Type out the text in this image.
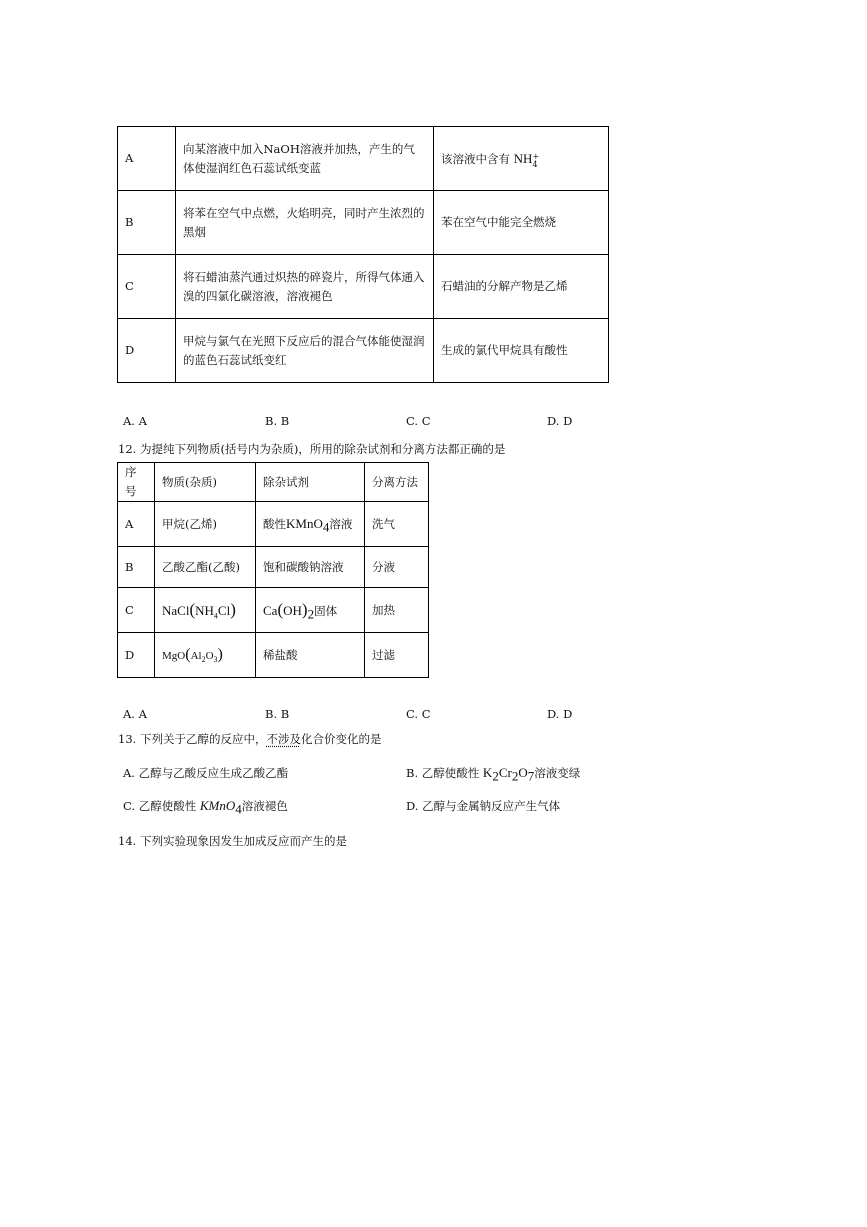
A	向某溶液中加入NaOH溶液并加热，产生的气体使湿润红色石蕊试纸变蓝	该溶液中含有 NH +
4

B	将苯在空气中点燃，火焰明亮，同时产生浓烈的黑烟	苯在空气中能完全燃烧
C	将石蜡油蒸汽通过炽热的碎瓷片，所得气体通入溴的四氯化碳溶液，溶液褪色	石蜡油的分解产物是乙烯
D	甲烷与氯气在光照下反应后的混合气体能使湿润的蓝色石蕊试纸变红	生成的氯代甲烷具有酸性
A. A	B. B	C. C	D. D
12. 为提纯下列物质(括号内为杂质)，所用的除杂试剂和分离方法都正确的是
序号	物质(杂质)	除杂试剂	分离方法
A	甲烷(乙烯)	酸性KMnO$_4$溶液	洗气
B	乙酸乙酯(乙酸)	饱和碳酸钠溶液	分液
C	$NaCl(NH_4Cl)$	$Ca(OH)_2$固体	加热
D	$MgO(Al_2O_3)$	稀盐酸	过滤
A. A	B. B	C. C	D. D
13. 下列关于乙醇的反应中，不涉及化合价变化的是
A. 乙醇与乙酸反应生成乙酸乙酯	B. 乙醇使酸性 $K_2Cr_2O_7$溶液变绿
C. 乙醇使酸性 KMnO$_4$溶液褪色	D. 乙醇与金属钠反应产生气体
14. 下列实验现象因发生加成反应而产生的是
